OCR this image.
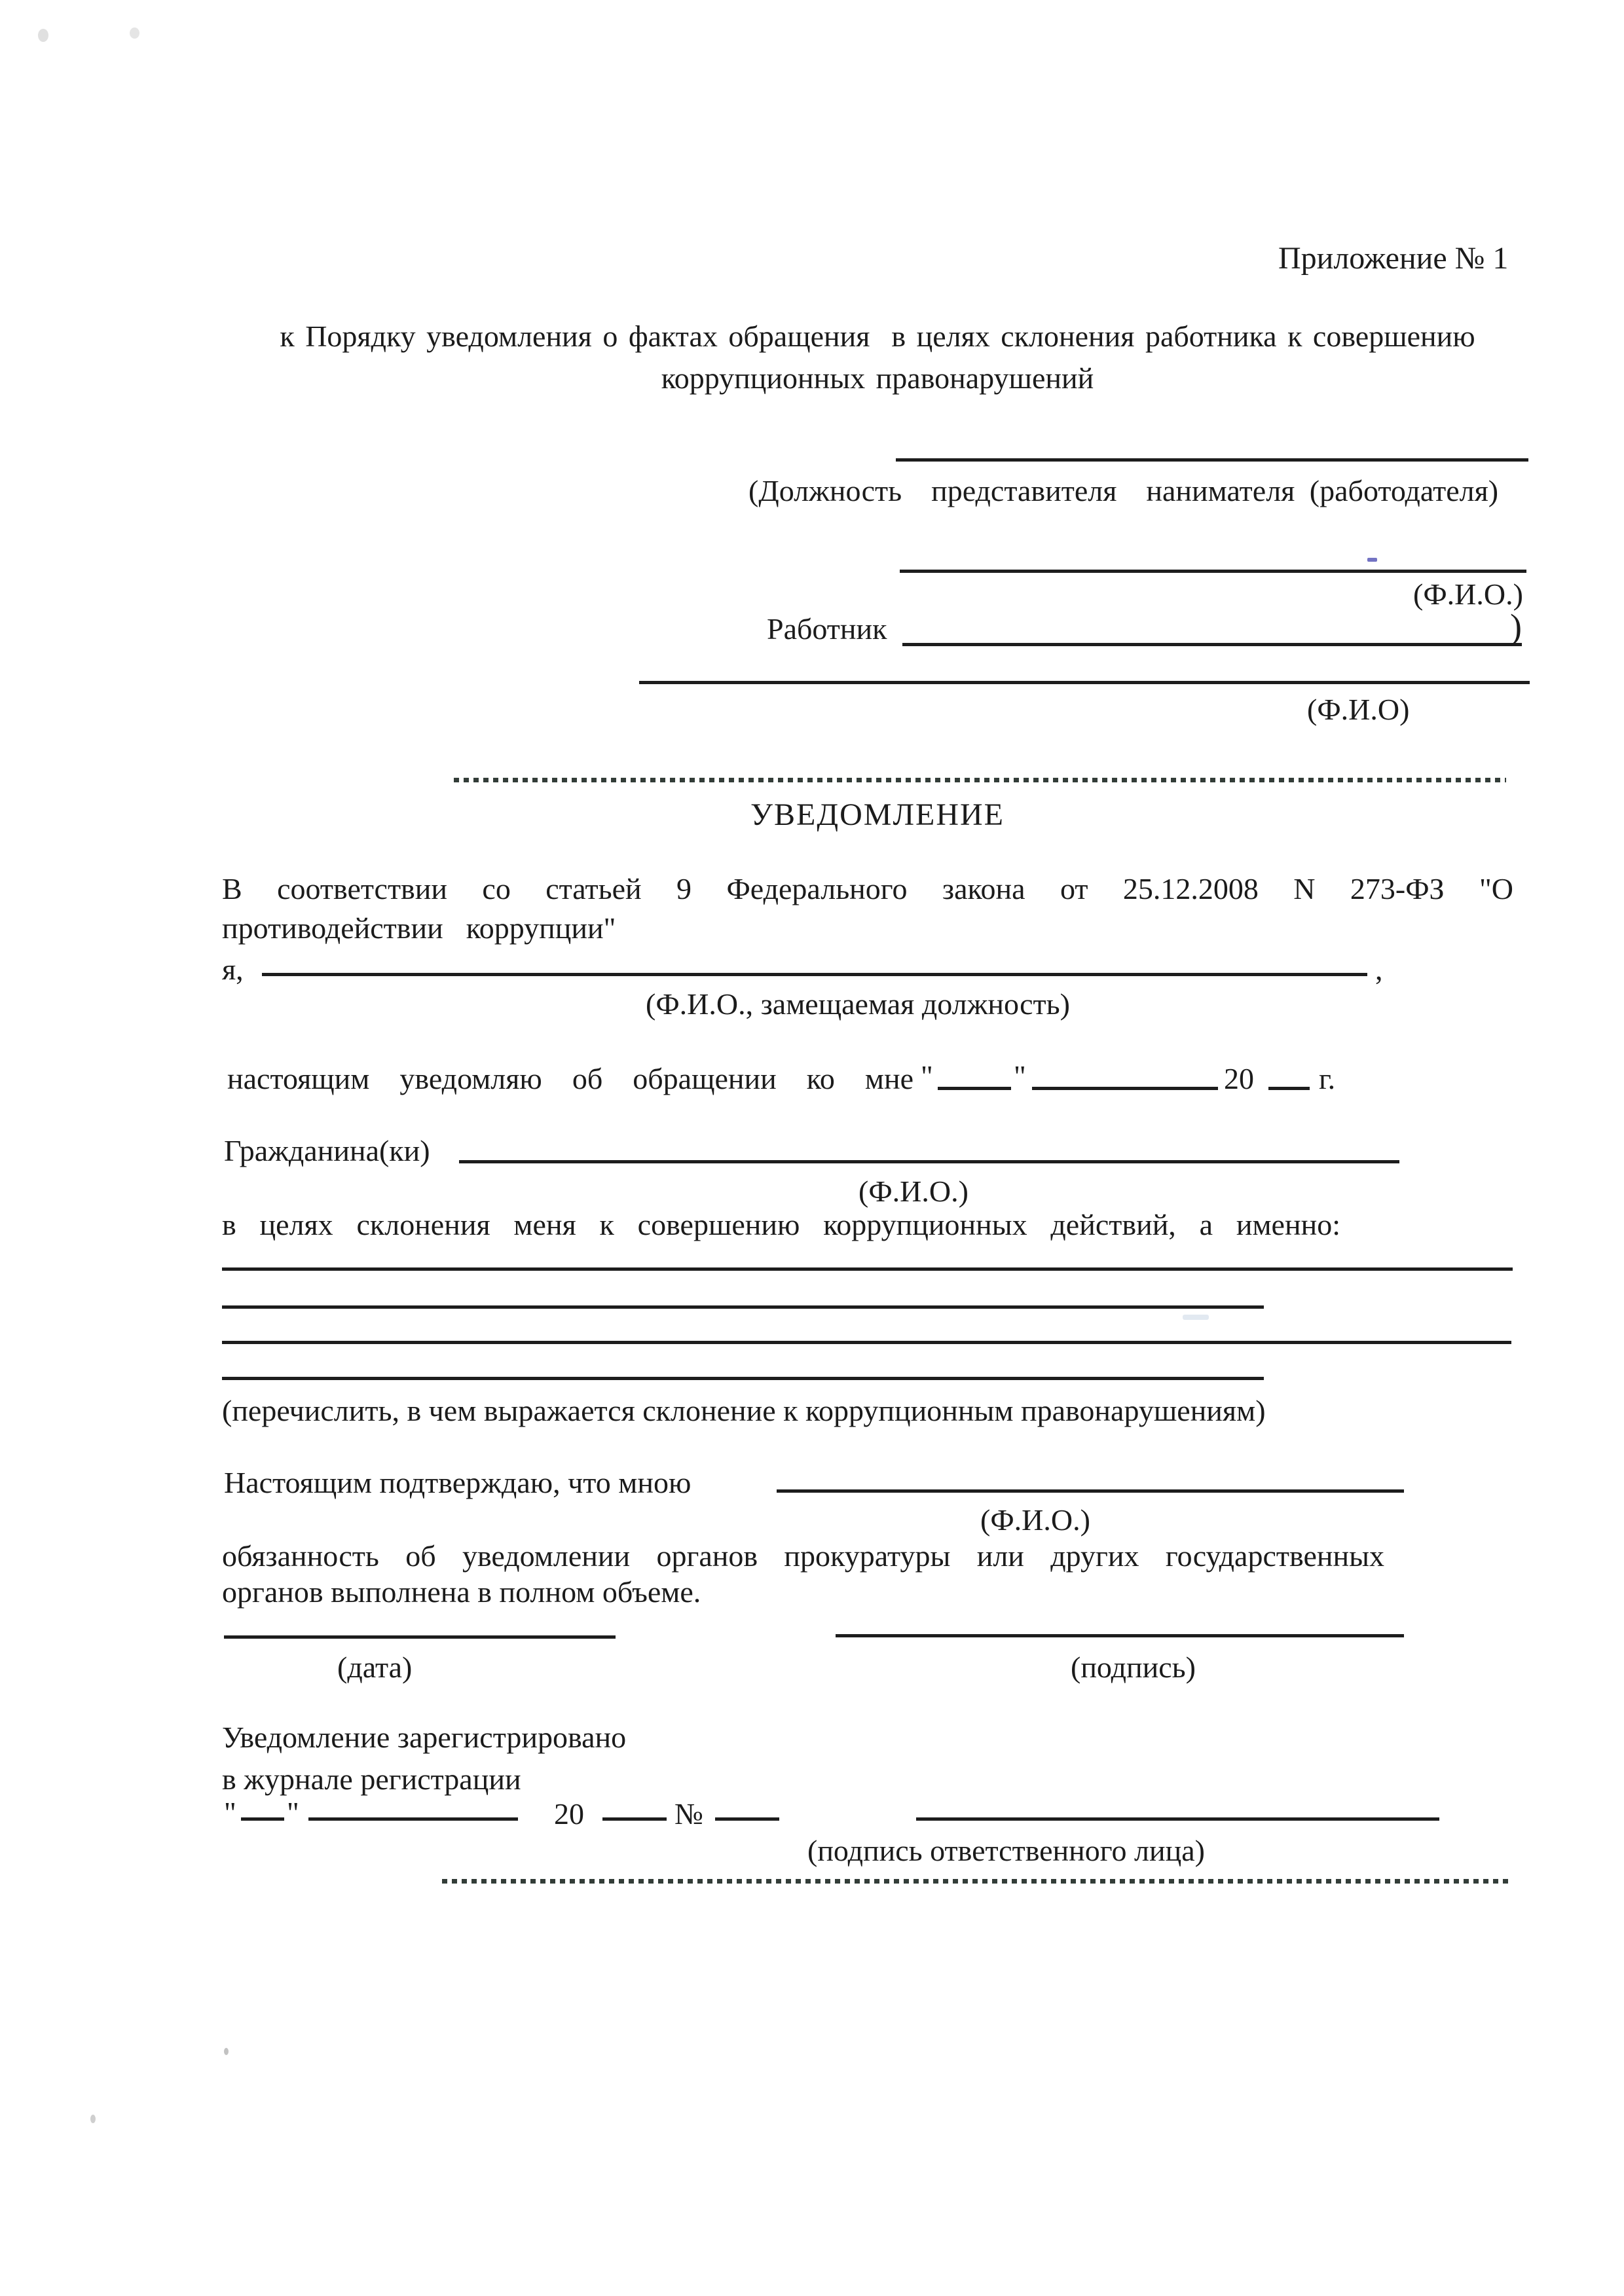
Приложение № 1
к Порядку уведомления о фактах обращения  в целях склонения работника к совершению
коррупционных правонарушений
(Должность  представителя  нанимателя (работодателя)
(Ф.И.О.)
Работник	)
(Ф.И.О)
УВЕДОМЛЕНИЕ
В соответствии со статьей 9 Федерального закона от 25.12.2008 N 273-ФЗ "О
противодействии  коррупции"
я,	,
(Ф.И.О., замещаемая должность)
настоящим уведомляю об обращении ко мне "	"	20 г.
Гражданина(ки)
(Ф.И.О.)
в целях склонения меня к совершению коррупционных действий, а именно:
(перечислить, в чем выражается склонение к коррупционным правонарушениям)
Настоящим подтверждаю, что мною
(Ф.И.О.)
обязанность об уведомлении органов прокуратуры или других государственных
органов выполнена в полном объеме.
(дата)	(подпись)
Уведомление зарегистрировано
в журнале регистрации
" "	20	№
(подпись ответственного лица)
